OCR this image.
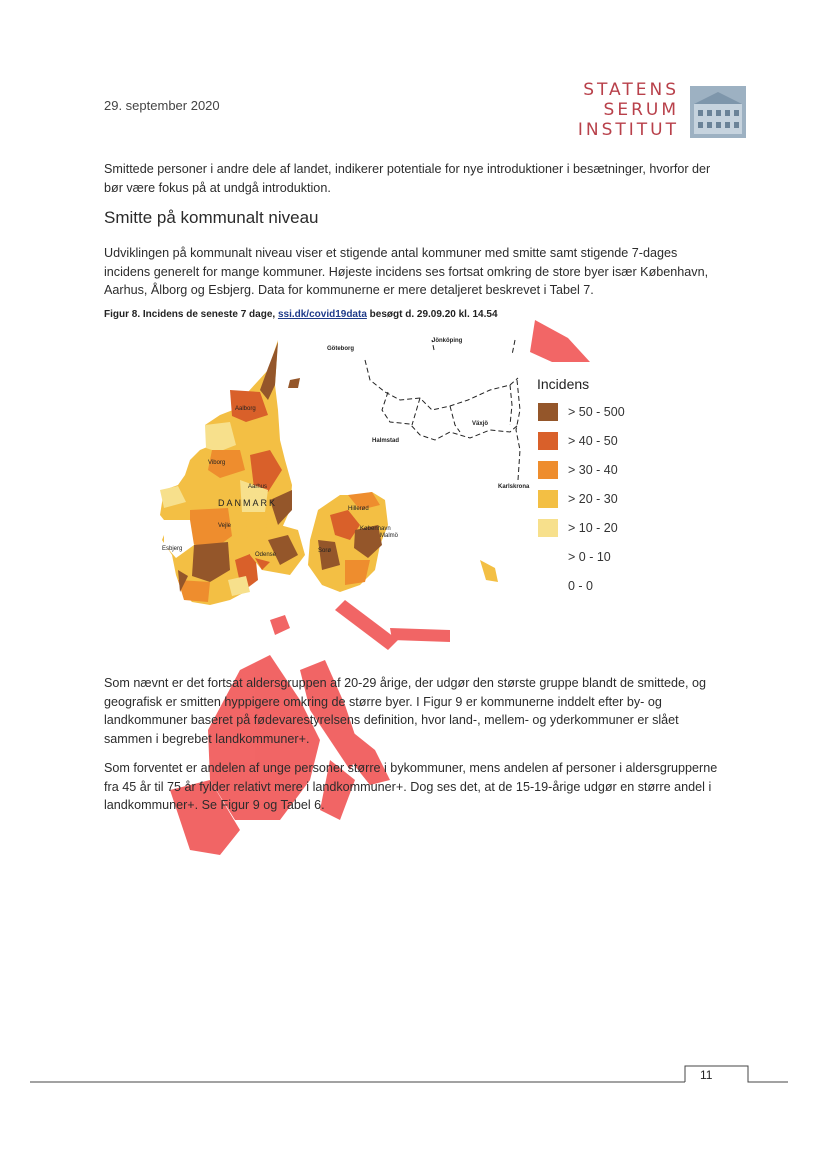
29. september 2020
STATENS
SERUM
INSTITUT
Smittede personer i andre dele af landet, indikerer potentiale for nye introduktioner i besætninger, hvorfor der bør være fokus på at undgå introduktion.
Smitte på kommunalt niveau
Udviklingen på kommunalt niveau viser et stigende antal kommuner med smitte samt stigende 7-dages incidens generelt for mange kommuner. Højeste incidens ses fortsat omkring de store byer især København, Aarhus, Ålborg og Esbjerg. Data for kommunerne er mere detaljeret beskrevet i Tabel 7.
Figur 8. Incidens de seneste 7 dage, ssi.dk/covid19data besøgt d. 29.09.20 kl. 14.54
Göteborg
Jönköping
Växjö
Halmstad
Karlskrona
Malmö
Aalborg
Viborg
Aarhus
DANMARK
Vejle
Esbjerg
Odense
Sorø
Hillerød
København
Incidens
> 50 - 500
> 40 - 50
> 30 - 40
> 20 - 30
> 10 - 20
> 0 - 10
0 - 0
Som nævnt er det fortsat aldersgruppen af 20-29 årige, der udgør den største gruppe blandt de smittede, og geografisk er smitten hyppigere omkring de større byer. I Figur 9 er kommunerne inddelt efter by- og landkommuner baseret på fødevarestyrelsens definition, hvor land-, mellem- og yderkommuner er slået sammen i begrebet landkommuner+.
Som forventet er andelen af unge personer større i bykommuner, mens andelen af personer i aldersgrupperne fra 45 år til 75 år fylder relativt mere i landkommuner+. Dog ses det, at de 15-19-årige udgør en større andel i landkommuner+. Se Figur 9 og Tabel 6.
11
